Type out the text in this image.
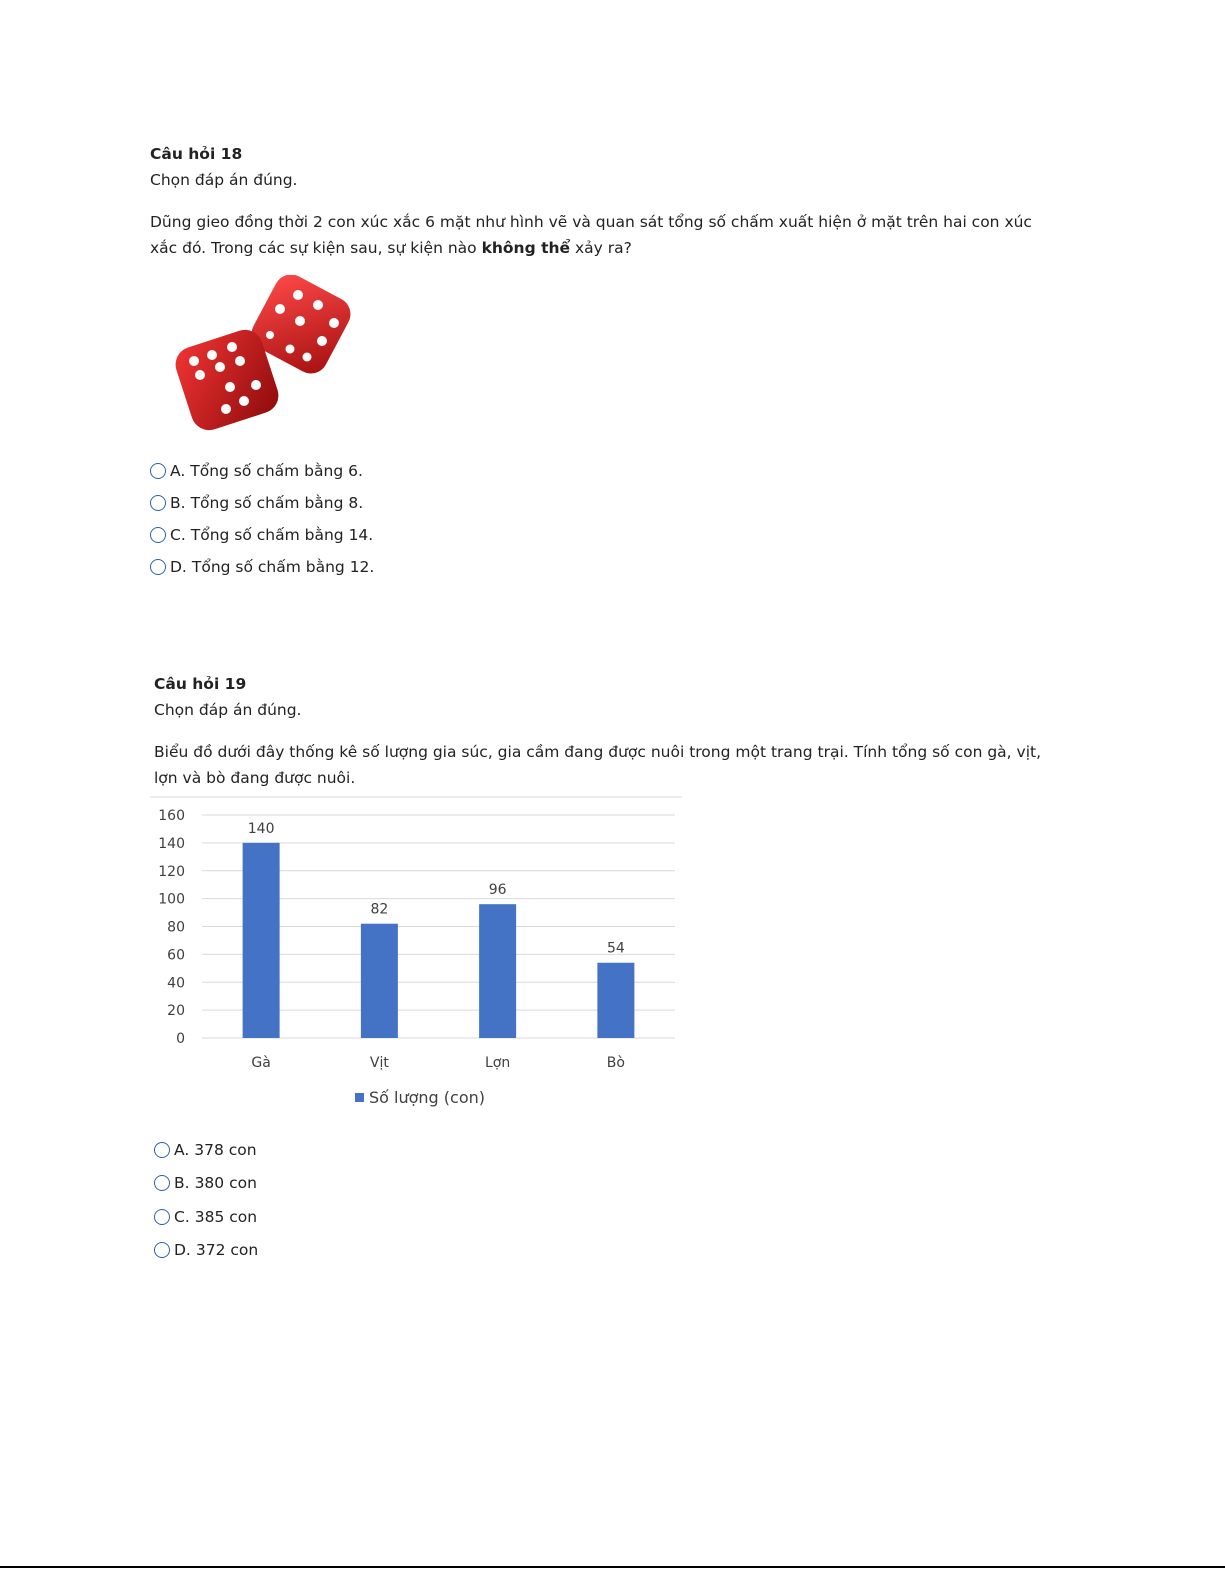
Câu hỏi 18
Chọn đáp án đúng.
Dũng gieo đồng thời 2 con xúc xắc 6 mặt như hình vẽ và quan sát tổng số chấm xuất hiện ở mặt trên hai con xúc xắc đó. Trong các sự kiện sau, sự kiện nào không thể xảy ra?
A. Tổng số chấm bằng 6.
B. Tổng số chấm bằng 8.
C. Tổng số chấm bằng 14.
D. Tổng số chấm bằng 12.
Câu hỏi 19
Chọn đáp án đúng.
Biểu đồ dưới đây thống kê số lượng gia súc, gia cầm đang được nuôi trong một trang trại. Tính tổng số con gà, vịt, lợn và bò đang được nuôi.
0
20
40
60
80
100
120
140
160
140
82
96
54
Gà	Vịt	Lợn	Bò
Số lượng (con)
A. 378 con
B. 380 con
C. 385 con
D. 372 con
